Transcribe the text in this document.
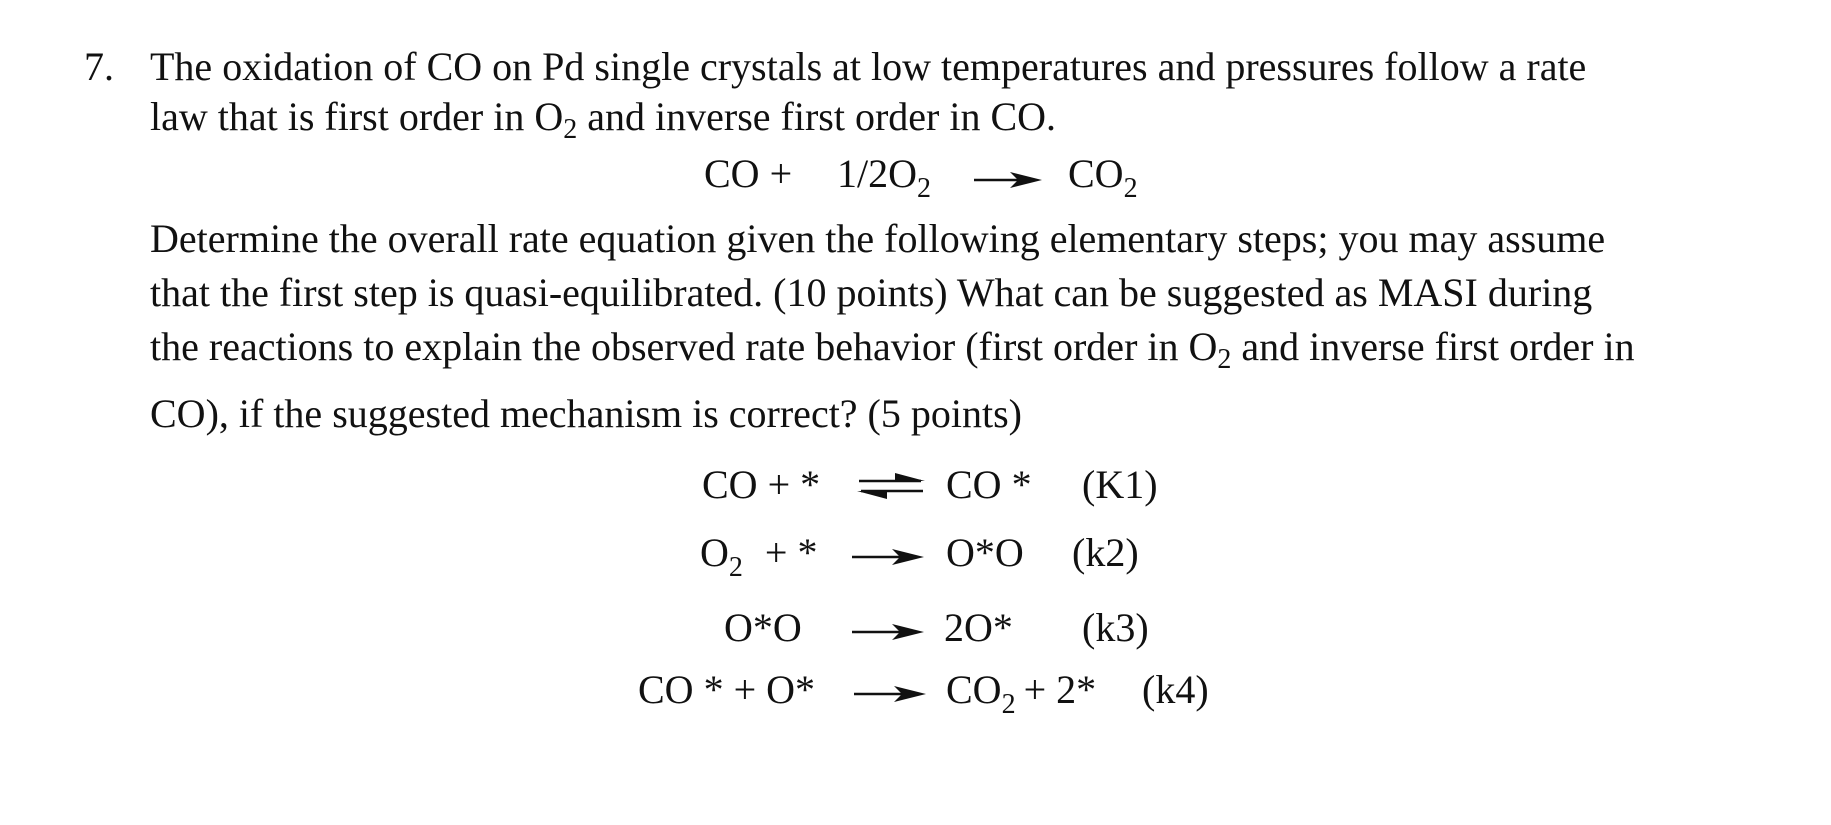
7. The oxidation of CO on Pd single crystals at low temperatures and pressures follow a rate
law that is first order in $O_2$ and inverse first order in CO.
CO + $1/2O_2 \to CO_2$
Determine the overall rate equation given the following elementary steps; you may assume
that the first step is quasi-equilibrated. (10 points) What can be suggested as MASI during
the reactions to explain the observed rate behavior (first order in $O_2$ and inverse first order in
CO), if the suggested mechanism is correct? (5 points)
CO + * ⇌ CO * (K1)
$O_2$ + *	O*O (k2)
O*O	2O* (k3)
CO * + O*	$CO_2 + 2*$ (k4)
